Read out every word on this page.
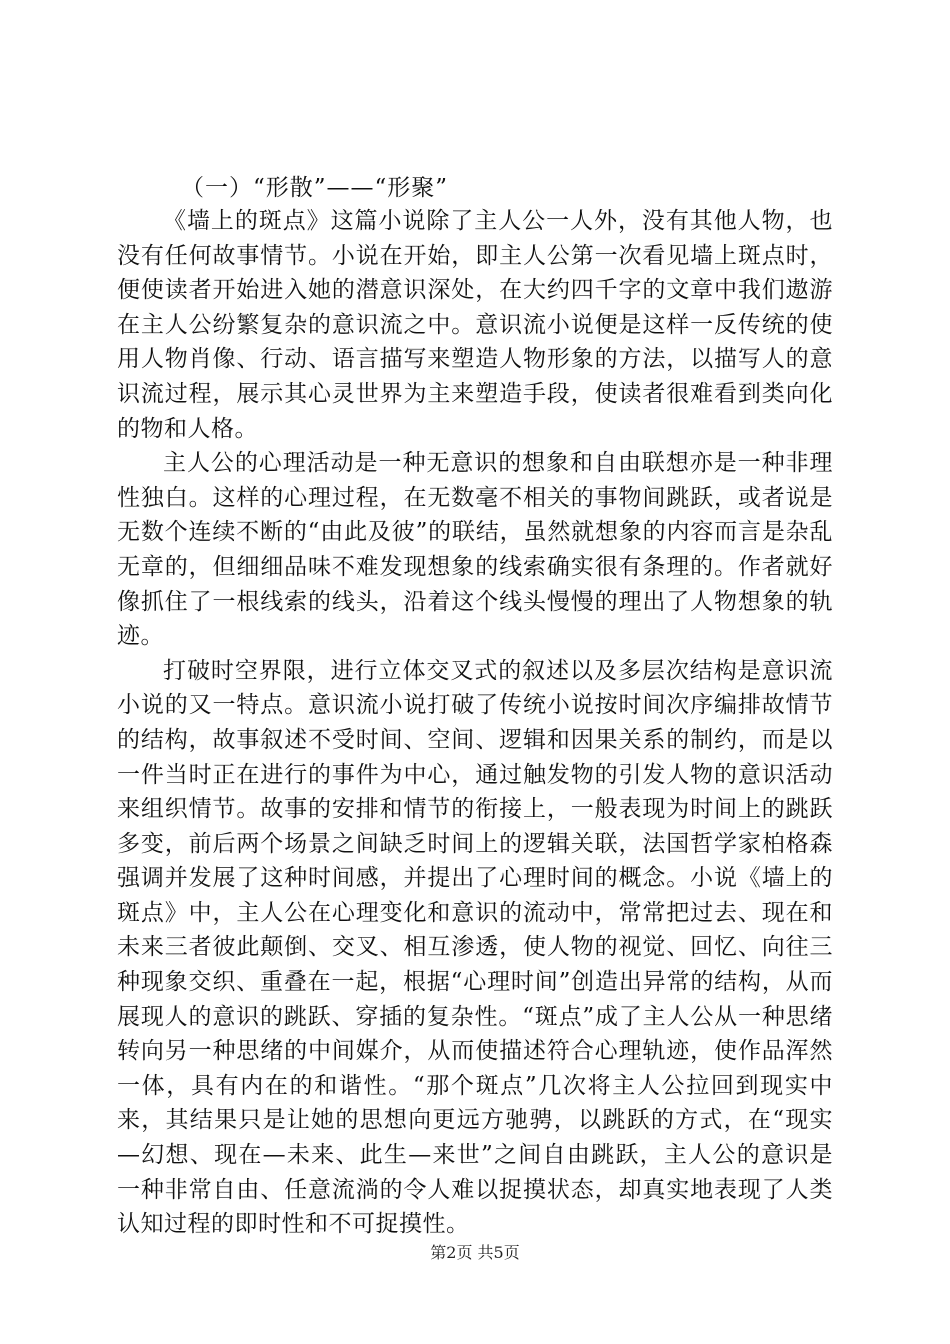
（一）“形散”——“形聚”

《墙上的斑点》这篇小说除了主人公一人外，没有其他人物，也没有任何故事情节。小说在开始，即主人公第一次看见墙上斑点时，便使读者开始进入她的潜意识深处，在大约四千字的文章中我们遨游在主人公纷繁复杂的意识流之中。意识流小说便是这样一反传统的使用人物肖像、行动、语言描写来塑造人物形象的方法，以描写人的意识流过程，展示其心灵世界为主来塑造手段，使读者很难看到类向化的物和人格。

主人公的心理活动是一种无意识的想象和自由联想亦是一种非理性独白。这样的心理过程，在无数毫不相关的事物间跳跃，或者说是无数个连续不断的“由此及彼”的联结，虽然就想象的内容而言是杂乱无章的，但细细品味不难发现想象的线索确实很有条理的。作者就好像抓住了一根线索的线头，沿着这个线头慢慢的理出了人物想象的轨迹。

打破时空界限，进行立体交叉式的叙述以及多层次结构是意识流小说的又一特点。意识流小说打破了传统小说按时间次序编排故情节的结构，故事叙述不受时间、空间、逻辑和因果关系的制约，而是以一件当时正在进行的事件为中心，通过触发物的引发人物的意识活动来组织情节。故事的安排和情节的衔接上，一般表现为时间上的跳跃多变，前后两个场景之间缺乏时间上的逻辑关联，法国哲学家柏格森强调并发展了这种时间感，并提出了心理时间的概念。小说《墙上的斑点》中，主人公在心理变化和意识的流动中，常常把过去、现在和未来三者彼此颠倒、交叉、相互渗透，使人物的视觉、回忆、向往三种现象交织、重叠在一起，根据“心理时间”创造出异常的结构，从而展现人的意识的跳跃、穿插的复杂性。“斑点”成了主人公从一种思绪转向另一种思绪的中间媒介，从而使描述符合心理轨迹，使作品浑然一体，具有内在的和谐性。“那个斑点”几次将主人公拉回到现实中来，其结果只是让她的思想向更远方驰骋，以跳跃的方式，在“现实—幻想、现在—未来、此生—来世”之间自由跳跃，主人公的意识是一种非常自由、任意流淌的令人难以捉摸状态，却真实地表现了人类认知过程的即时性和不可捉摸性。

第2页 共5页
